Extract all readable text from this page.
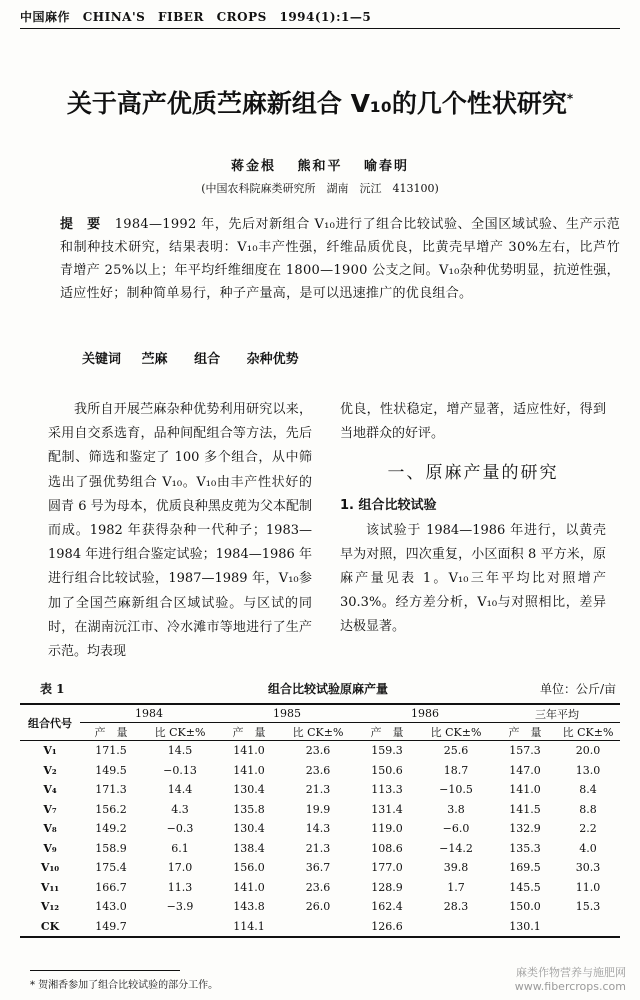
中国麻作 CHINA'S FIBER CROPS 1994(1):1—5
关于高产优质苎麻新组合 V₁₀的几个性状研究*
蒋金根　 熊和平　 喻春明
(中国农科院麻类研究所　湖南　沅江　413100)
提　要 1984—1992 年，先后对新组合 V₁₀进行了组合比较试验、全国区域试验、生产示范和制种技术研究，结果表明：V₁₀丰产性强，纤维品质优良，比黄壳早增产 30%左右，比芦竹青增产 25%以上；年平均纤维细度在 1800—1900 公支之间。V₁₀杂种优势明显，抗逆性强，适应性好；制种简单易行，种子产量高，是可以迅速推广的优良组合。
关键词 苎麻 组合 杂种优势
我所自开展苎麻杂种优势利用研究以来，采用自交系选育，品种间配组合等方法，先后配制、筛选和鉴定了 100 多个组合，从中筛选出了强优势组合 V₁₀。V₁₀由丰产性状好的圆青 6 号为母本，优质良种黑皮蔸为父本配制而成。1982 年获得杂种一代种子；1983—1984 年进行组合鉴定试验；1984—1986 年进行组合比较试验，1987—1989 年，V₁₀参加了全国苎麻新组合区域试验。与区试的同时，在湖南沅江市、冷水滩市等地进行了生产示范。均表现
优良，性状稳定，增产显著，适应性好，得到当地群众的好评。
一、原麻产量的研究
1. 组合比较试验
该试验于 1984—1986 年进行，以黄壳早为对照，四次重复，小区面积 8 平方米，原麻产量见表 1。V₁₀三年平均比对照增产 30.3%。经方差分析，V₁₀与对照相比，差异达极显著。
表 1	组合比较试验原麻产量	单位：公斤/亩
组合代号	1984		1985		1986		三年平均	
	产　量	比 CK±%	产　量	比 CK±%	产　量	比 CK±%	产　量	比 CK±%
V₁	171.5	14.5	141.0	23.6	159.3	25.6	157.3	20.0
V₂	149.5	−0.13	141.0	23.6	150.6	18.7	147.0	13.0
V₄	171.3	14.4	130.4	21.3	113.3	−10.5	141.0	8.4
V₇	156.2	4.3	135.8	19.9	131.4	3.8	141.5	8.8
V₈	149.2	−0.3	130.4	14.3	119.0	−6.0	132.9	2.2
V₉	158.9	6.1	138.4	21.3	108.6	−14.2	135.3	4.0
V₁₀	175.4	17.0	156.0	36.7	177.0	39.8	169.5	30.3
V₁₁	166.7	11.3	141.0	23.6	128.9	1.7	145.5	11.0
V₁₂	143.0	−3.9	143.8	26.0	162.4	28.3	150.0	15.3
CK	149.7		114.1		126.6		130.1	
* 贺湘香参加了组合比较试验的部分工作。
麻类作物营养与施肥网
www.fibercrops.com
